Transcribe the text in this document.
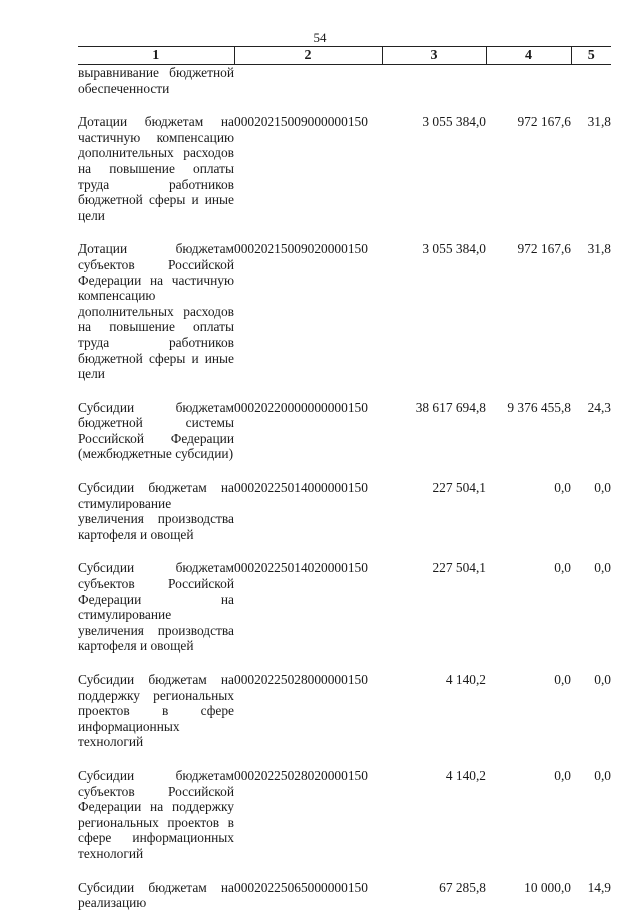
54
1	2	3	4	5
выравнивание бюджетной обеспеченности				

Дотации бюджетам на частичную компенсацию дополнительных расходов на повышение оплаты труда работников бюджетной сферы и иные цели	00020215009000000150	3 055 384,0	972 167,6	31,8

Дотации бюджетам субъектов Российской Федерации на частичную компенсацию дополнительных расходов на повышение оплаты труда работников бюджетной сферы и иные цели	00020215009020000150	3 055 384,0	972 167,6	31,8

Субсидии бюджетам бюджетной системы Российской Федерации (межбюджетные субсидии)	00020220000000000150	38 617 694,8	9 376 455,8	24,3

Субсидии бюджетам на стимулирование увеличения производства картофеля и овощей	00020225014000000150	227 504,1	0,0	0,0

Субсидии бюджетам субъектов Российской Федерации на стимулирование увеличения производства картофеля и овощей	00020225014020000150	227 504,1	0,0	0,0

Субсидии бюджетам на поддержку региональных проектов в сфере информационных технологий	00020225028000000150	4 140,2	0,0	0,0

Субсидии бюджетам субъектов Российской Федерации на поддержку региональных проектов в сфере информационных технологий	00020225028020000150	4 140,2	0,0	0,0

Субсидии бюджетам на реализацию	00020225065000000150	67 285,8	10 000,0	14,9
